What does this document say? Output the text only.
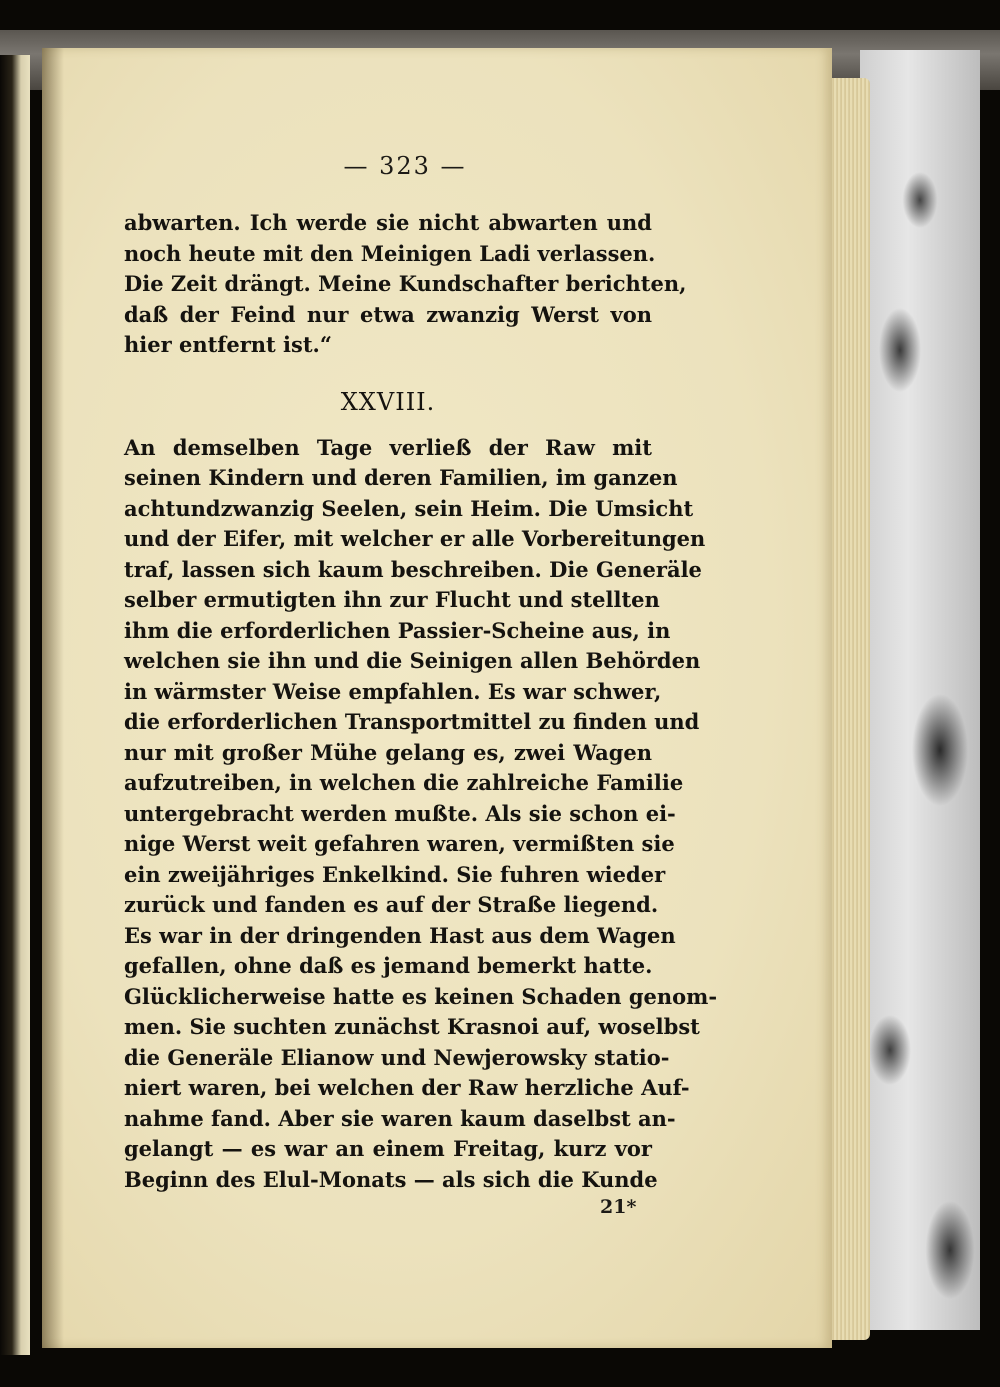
— 323 —
abwarten. Ich werde sie nicht abwarten und
noch heute mit den Meinigen Ladi verlassen.
Die Zeit drängt. Meine Kundschafter berichten,
daß der Feind nur etwa zwanzig Werst von
hier entfernt ist.“
XXVIII.
An demselben Tage verließ der Raw mit
seinen Kindern und deren Familien, im ganzen
achtundzwanzig Seelen, sein Heim. Die Umsicht
und der Eifer, mit welcher er alle Vorbereitungen
traf, lassen sich kaum beschreiben. Die Generäle
selber ermutigten ihn zur Flucht und stellten
ihm die erforderlichen Passier-Scheine aus, in
welchen sie ihn und die Seinigen allen Behörden
in wärmster Weise empfahlen. Es war schwer,
die erforderlichen Transportmittel zu finden und
nur mit großer Mühe gelang es, zwei Wagen
aufzutreiben, in welchen die zahlreiche Familie
untergebracht werden mußte. Als sie schon ei-
nige Werst weit gefahren waren, vermißten sie
ein zweijähriges Enkelkind. Sie fuhren wieder
zurück und fanden es auf der Straße liegend.
Es war in der dringenden Hast aus dem Wagen
gefallen, ohne daß es jemand bemerkt hatte.
Glücklicherweise hatte es keinen Schaden genom-
men. Sie suchten zunächst Krasnoi auf, woselbst
die Generäle Elianow und Newjerowsky statio-
niert waren, bei welchen der Raw herzliche Auf-
nahme fand. Aber sie waren kaum daselbst an-
gelangt — es war an einem Freitag, kurz vor
Beginn des Elul-Monats — als sich die Kunde
21*
